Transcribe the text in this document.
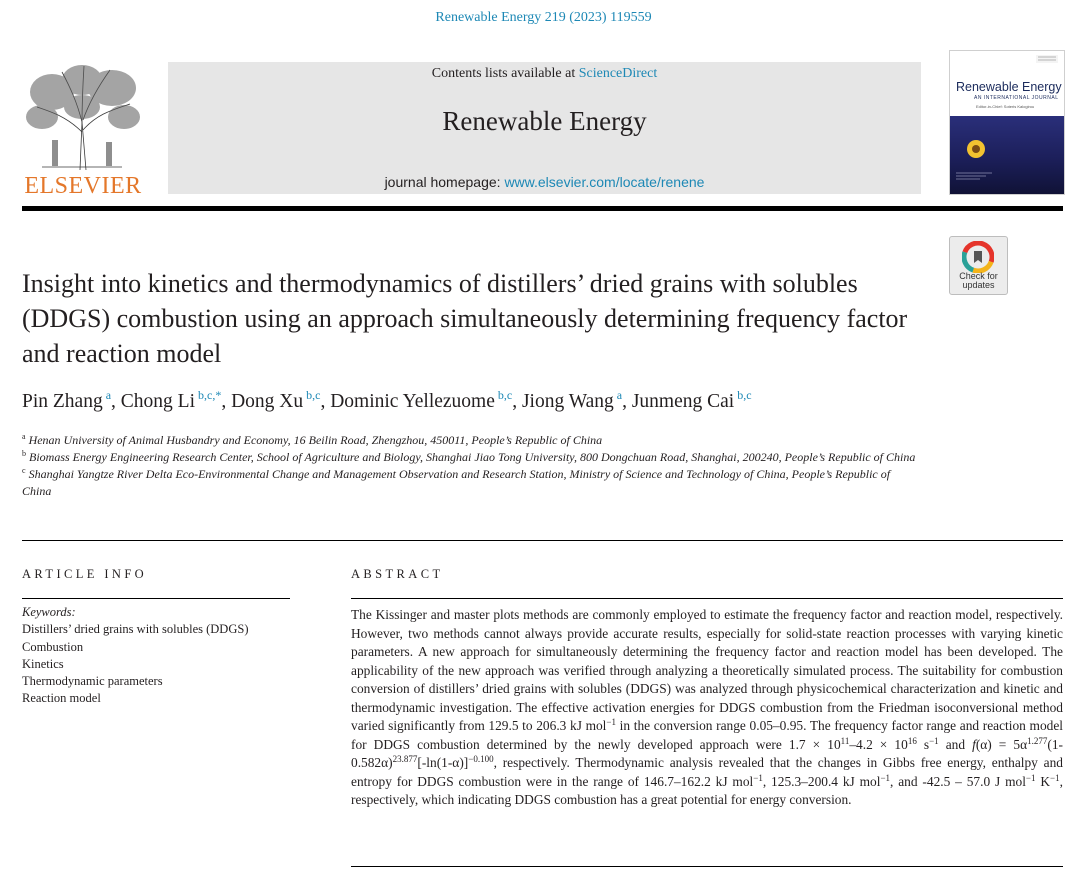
Renewable Energy 219 (2023) 119559
ELSEVIER
Contents lists available at ScienceDirect
Renewable Energy
journal homepage: www.elsevier.com/locate/renene
Renewable Energy
AN INTERNATIONAL JOURNAL
Editor-in-Chief: Soteris Kalogirou
Check for
updates
Insight into kinetics and thermodynamics of distillers’ dried grains with solubles (DDGS) combustion using an approach simultaneously determining frequency factor and reaction model
Pin Zhang $^a$, Chong Li $^{b,c,*}$, Dong Xu $^{b,c}$, Dominic Yellezuome $^{b,c}$, Jiong Wang $^a$, Junmeng Cai $^{b,c}$
$^a$ Henan University of Animal Husbandry and Economy, 16 Beilin Road, Zhengzhou, 450011, People’s Republic of China
$^b$ Biomass Energy Engineering Research Center, School of Agriculture and Biology, Shanghai Jiao Tong University, 800 Dongchuan Road, Shanghai, 200240, People’s Republic of China
$^c$ Shanghai Yangtze River Delta Eco-Environmental Change and Management Observation and Research Station, Ministry of Science and Technology of China, People’s Republic of China
ARTICLE INFO
Keywords:
Distillers’ dried grains with solubles (DDGS)
Combustion
Kinetics
Thermodynamic parameters
Reaction model
ABSTRACT

The Kissinger and master plots methods are commonly employed to estimate the frequency factor and reaction model, respectively. However, two methods cannot always provide accurate results, especially for solid-state reaction processes with varying kinetic parameters. A new approach for simultaneously determining the frequency factor and reaction model has been developed. The applicability of the new approach was verified through analyzing a theoretically simulated process. The suitability for combustion conversion of distillers’ dried grains with solubles (DDGS) was analyzed through physicochemical characterization and kinetic and thermodynamic investigation. The effective activation energies for DDGS combustion from the Friedman isoconversional method varied significantly from 129.5 to 206.3 kJ mol$^{-1}$ in the conversion range 0.05–0.95. The frequency factor range and reaction model for DDGS combustion determined by the newly developed approach were $1.7 \times 10^{11}-4.2 \times 10^{16}$ $s^{-1}$ and $f(\alpha) = 5\alpha^{1.277}(1-0.582\alpha)^{23.877}[-\ln(1-\alpha)]^{-0.100}$, respectively. Thermodynamic analysis revealed that the changes in Gibbs free energy, enthalpy and entropy for DDGS combustion were in the range of 146.7–162.2 kJ mol$^{-1}$, 125.3–200.4 kJ mol$^{-1}$, and -42.5 – 57.0 J mol$^{-1}$ $K^{-1}$, respectively, which indicating DDGS combustion has a great potential for energy conversion.
